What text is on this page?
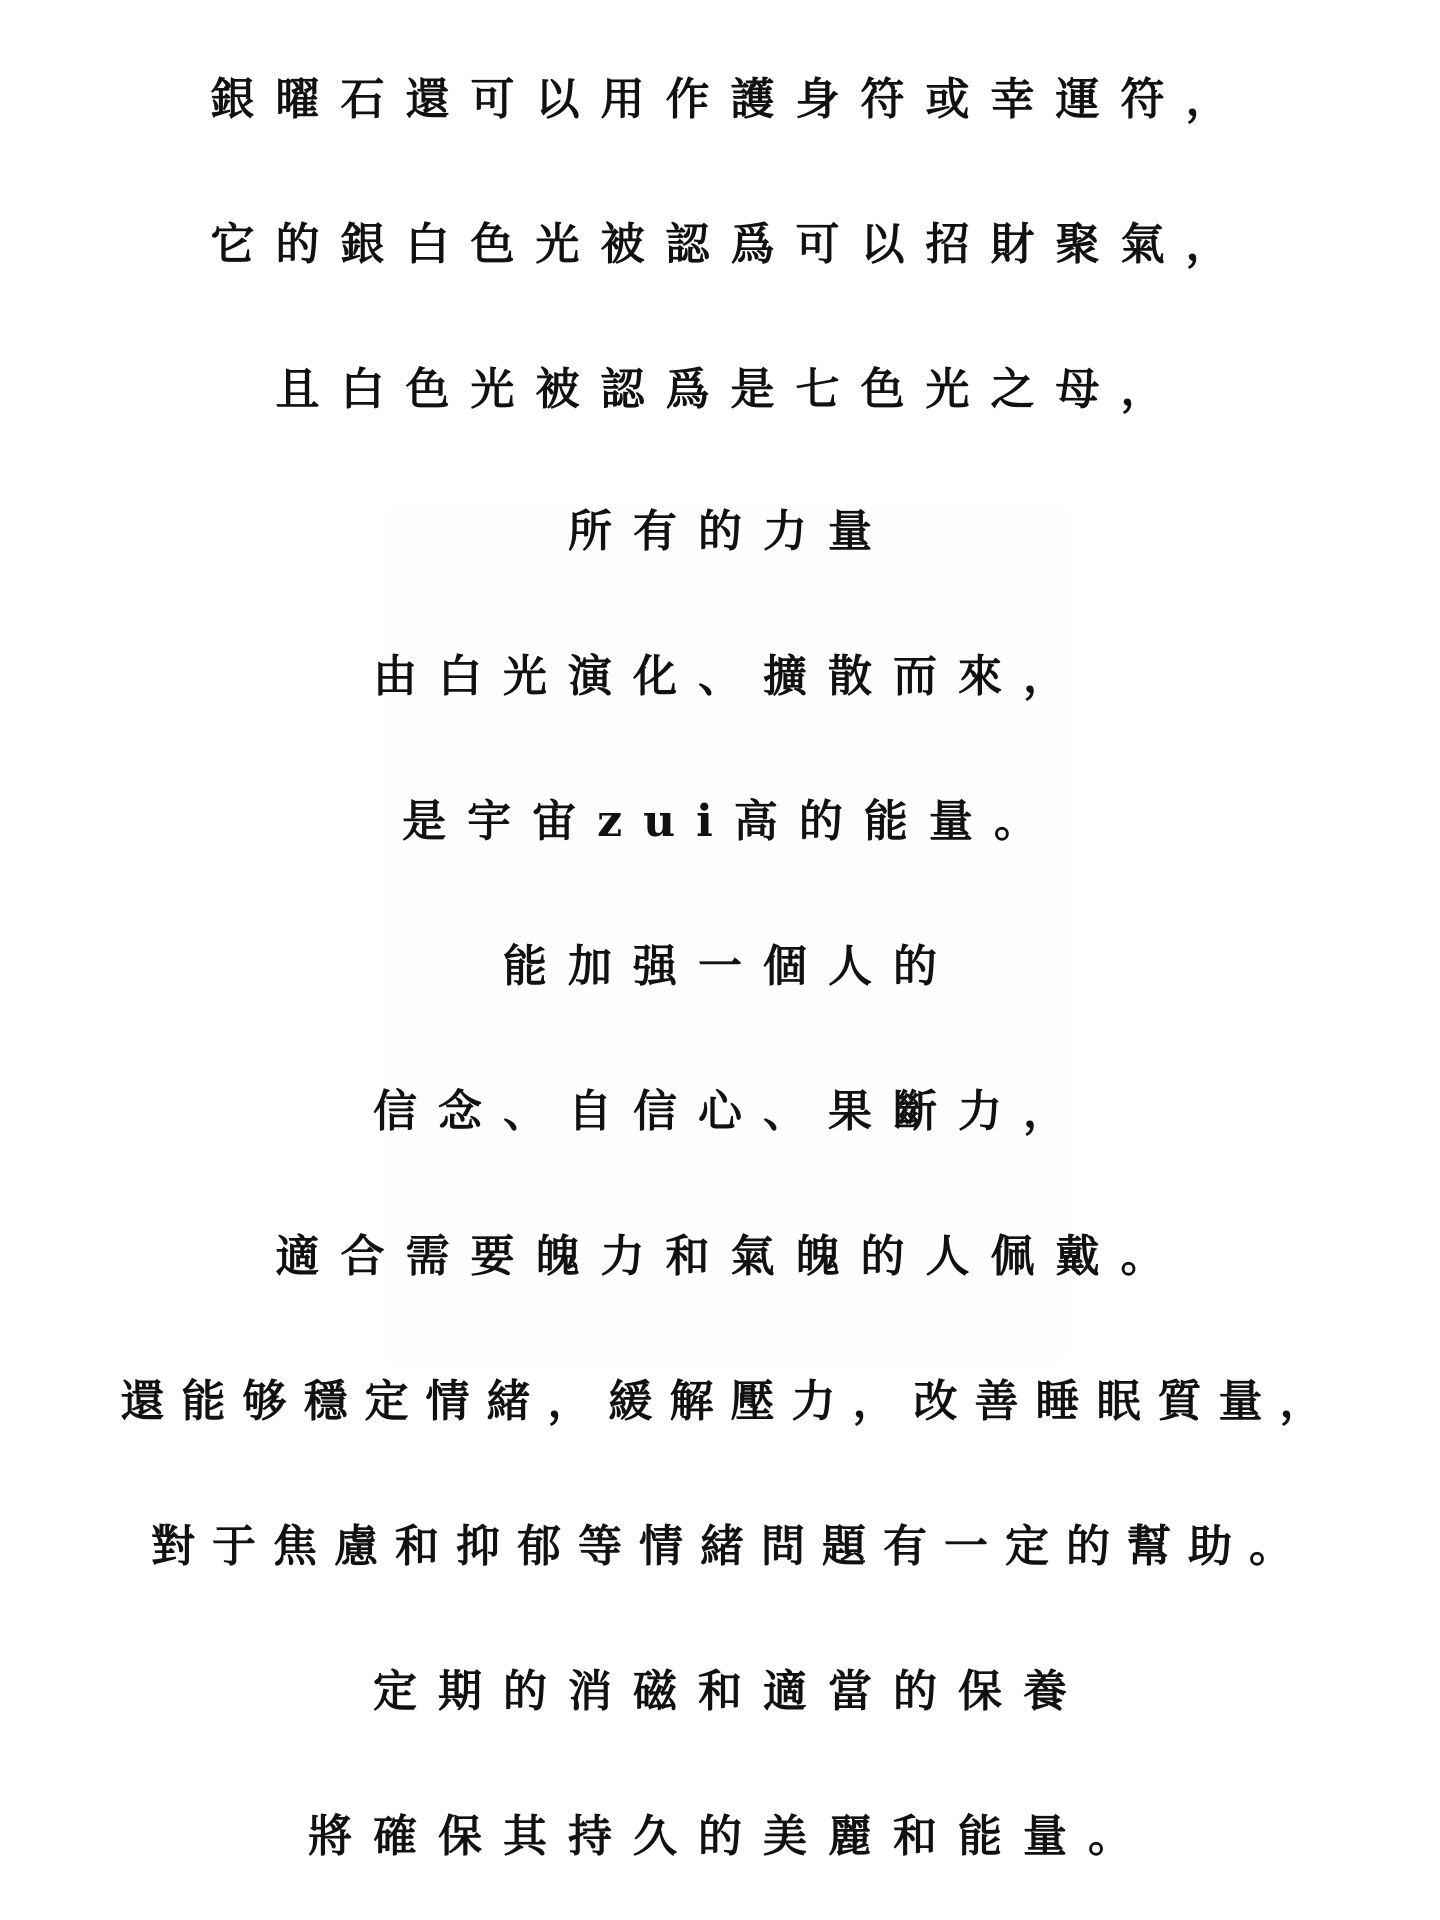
銀曜石還可以用作護身符或幸運符，
它的銀白色光被認爲可以招財聚氣，
且白色光被認爲是七色光之母，
所有的力量
由白光演化、擴散而來，
是宇宙zui高的能量。
能加强一個人的
信念、自信心、果斷力，
適合需要魄力和氣魄的人佩戴。
還能够穩定情緒，緩解壓力，改善睡眠質量，
對于焦慮和抑郁等情緒問題有一定的幫助。
定期的消磁和適當的保養
將確保其持久的美麗和能量。
